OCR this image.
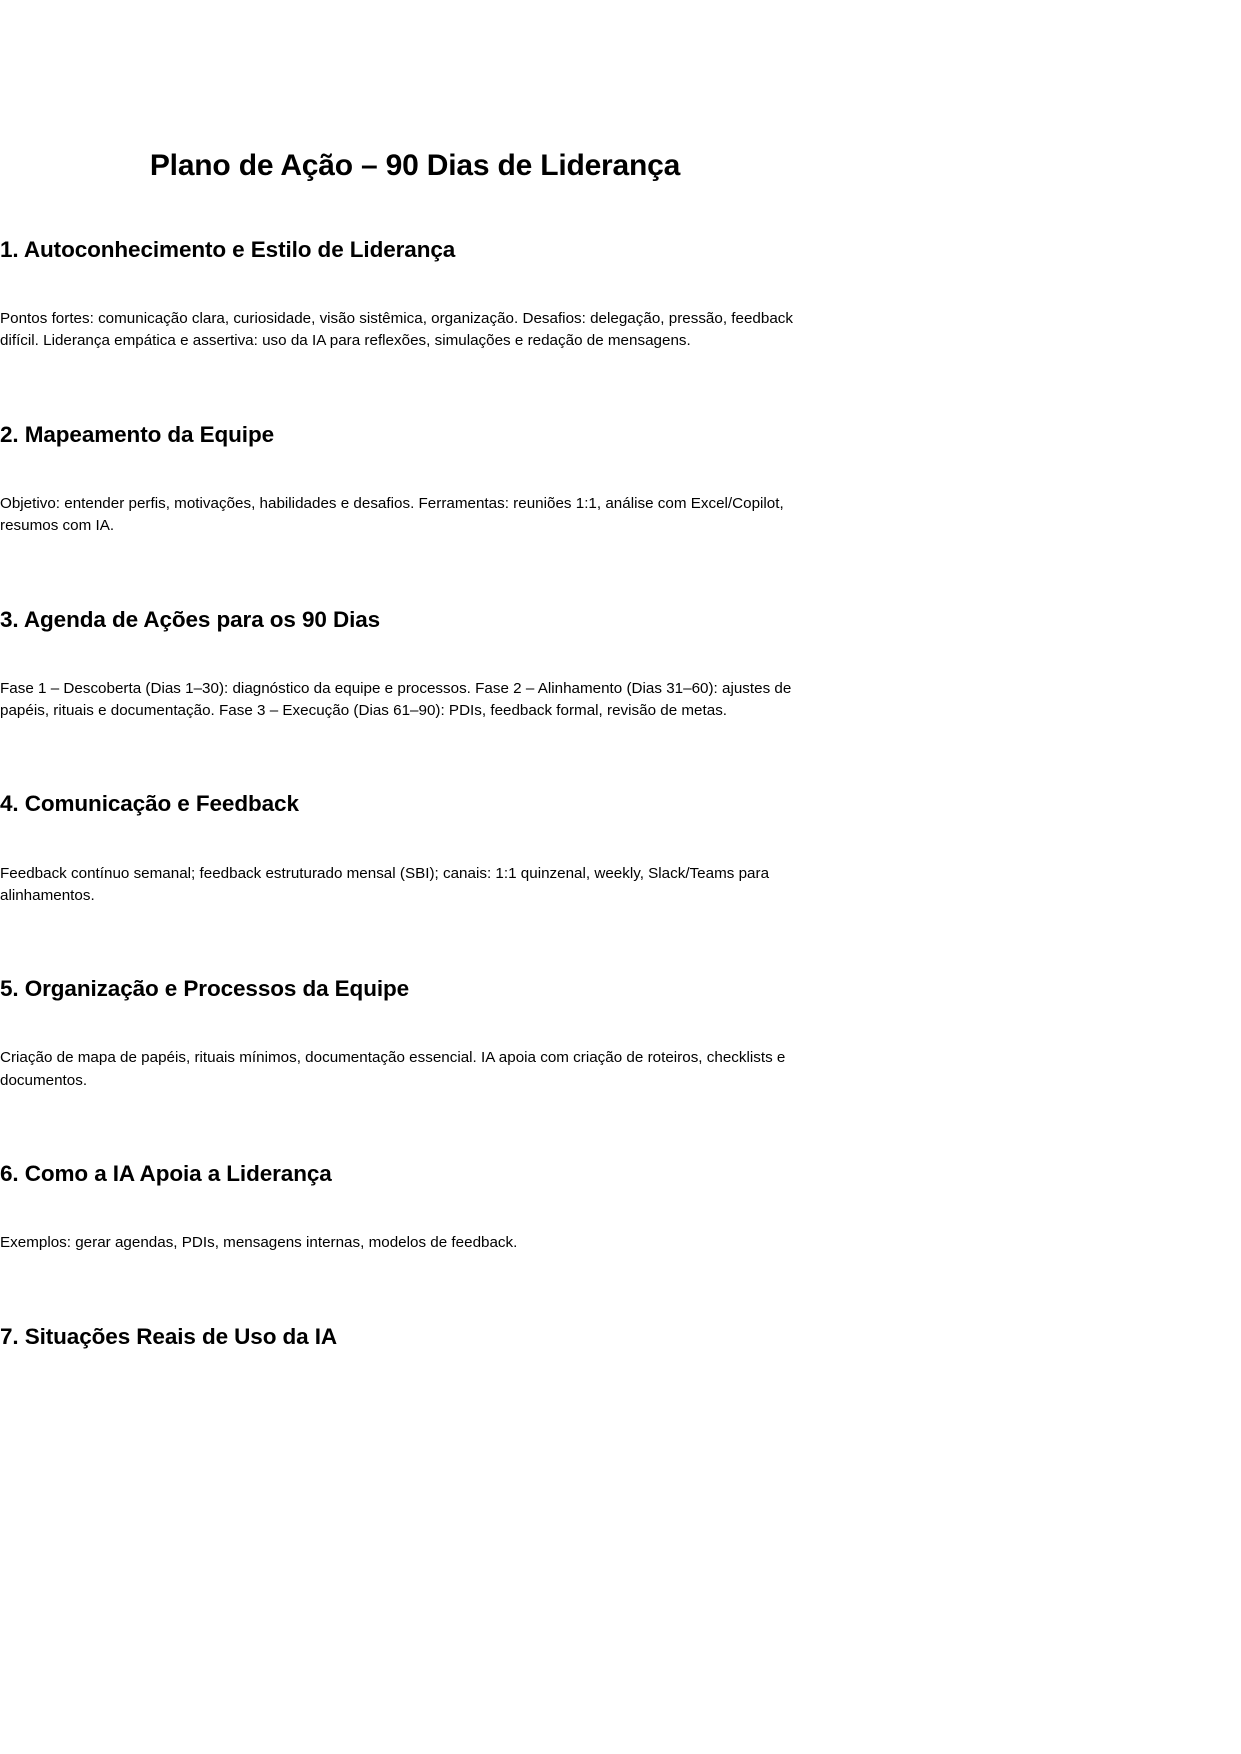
Plano de Ação – 90 Dias de Liderança
1. Autoconhecimento e Estilo de Liderança

Pontos fortes: comunicação clara, curiosidade, visão sistêmica, organização. Desafios: delegação, pressão, feedback difícil. Liderança empática e assertiva: uso da IA para reflexões, simulações e redação de mensagens.

2. Mapeamento da Equipe

Objetivo: entender perfis, motivações, habilidades e desafios. Ferramentas: reuniões 1:1, análise com Excel/Copilot, resumos com IA.

3. Agenda de Ações para os 90 Dias

Fase 1 – Descoberta (Dias 1–30): diagnóstico da equipe e processos. Fase 2 – Alinhamento (Dias 31–60): ajustes de papéis, rituais e documentação. Fase 3 – Execução (Dias 61–90): PDIs, feedback formal, revisão de metas.

4. Comunicação e Feedback

Feedback contínuo semanal; feedback estruturado mensal (SBI); canais: 1:1 quinzenal, weekly, Slack/Teams para alinhamentos.

5. Organização e Processos da Equipe

Criação de mapa de papéis, rituais mínimos, documentação essencial. IA apoia com criação de roteiros, checklists e documentos.

6. Como a IA Apoia a Liderança

Exemplos: gerar agendas, PDIs, mensagens internas, modelos de feedback.

7. Situações Reais de Uso da IA
